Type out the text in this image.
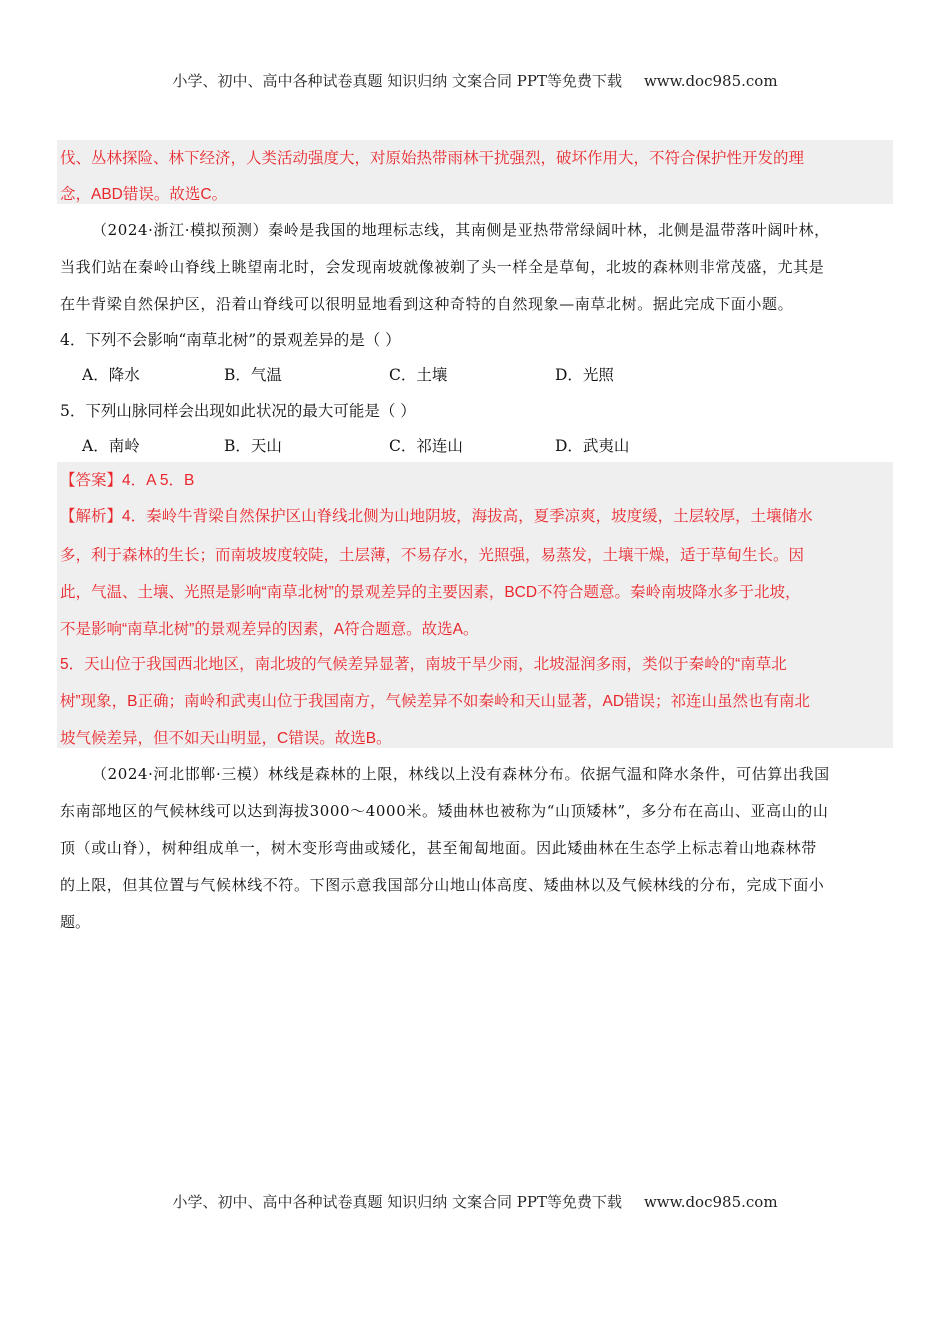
小学、初中、高中各种试卷真题 知识归纳 文案合同 PPT等免费下载 www.doc985.com
伐、丛林探险、林下经济，人类活动强度大，对原始热带雨林干扰强烈，破坏作用大，不符合保护性开发的理
念，ABD错误。故选C。
（2024·浙江·模拟预测）秦岭是我国的地理标志线，其南侧是亚热带常绿阔叶林，北侧是温带落叶阔叶林，
当我们站在秦岭山脊线上眺望南北时，会发现南坡就像被剃了头一样全是草甸，北坡的森林则非常茂盛，尤其是
在牛背梁自然保护区，沿着山脊线可以很明显地看到这种奇特的自然现象—南草北树。据此完成下面小题。
4．下列不会影响“南草北树”的景观差异的是（ ）
A．降水	B．气温	C．土壤	D．光照
5．下列山脉同样会出现如此状况的最大可能是（ ）
A．南岭	B．天山	C．祁连山	D．武夷山
【答案】4．A 5．B
【解析】4．秦岭牛背梁自然保护区山脊线北侧为山地阴坡，海拔高，夏季凉爽，坡度缓，土层较厚，土壤储水
多，利于森林的生长；而南坡坡度较陡，土层薄，不易存水，光照强，易蒸发，土壤干燥，适于草甸生长。因
此，气温、土壤、光照是影响“南草北树”的景观差异的主要因素，BCD不符合题意。秦岭南坡降水多于北坡，
不是影响“南草北树”的景观差异的因素，A符合题意。故选A。
5．天山位于我国西北地区，南北坡的气候差异显著，南坡干旱少雨，北坡湿润多雨，类似于秦岭的“南草北
树”现象，B正确；南岭和武夷山位于我国南方，气候差异不如秦岭和天山显著，AD错误；祁连山虽然也有南北
坡气候差异，但不如天山明显，C错误。故选B。
（2024·河北邯郸·三模）林线是森林的上限，林线以上没有森林分布。依据气温和降水条件，可估算出我国
东南部地区的气候林线可以达到海拔3000～4000米。矮曲林也被称为“山顶矮林”，多分布在高山、亚高山的山
顶（或山脊），树种组成单一，树木变形弯曲或矮化，甚至匍匐地面。因此矮曲林在生态学上标志着山地森林带
的上限，但其位置与气候林线不符。下图示意我国部分山地山体高度、矮曲林以及气候林线的分布，完成下面小
题。
小学、初中、高中各种试卷真题 知识归纳 文案合同 PPT等免费下载 www.doc985.com
